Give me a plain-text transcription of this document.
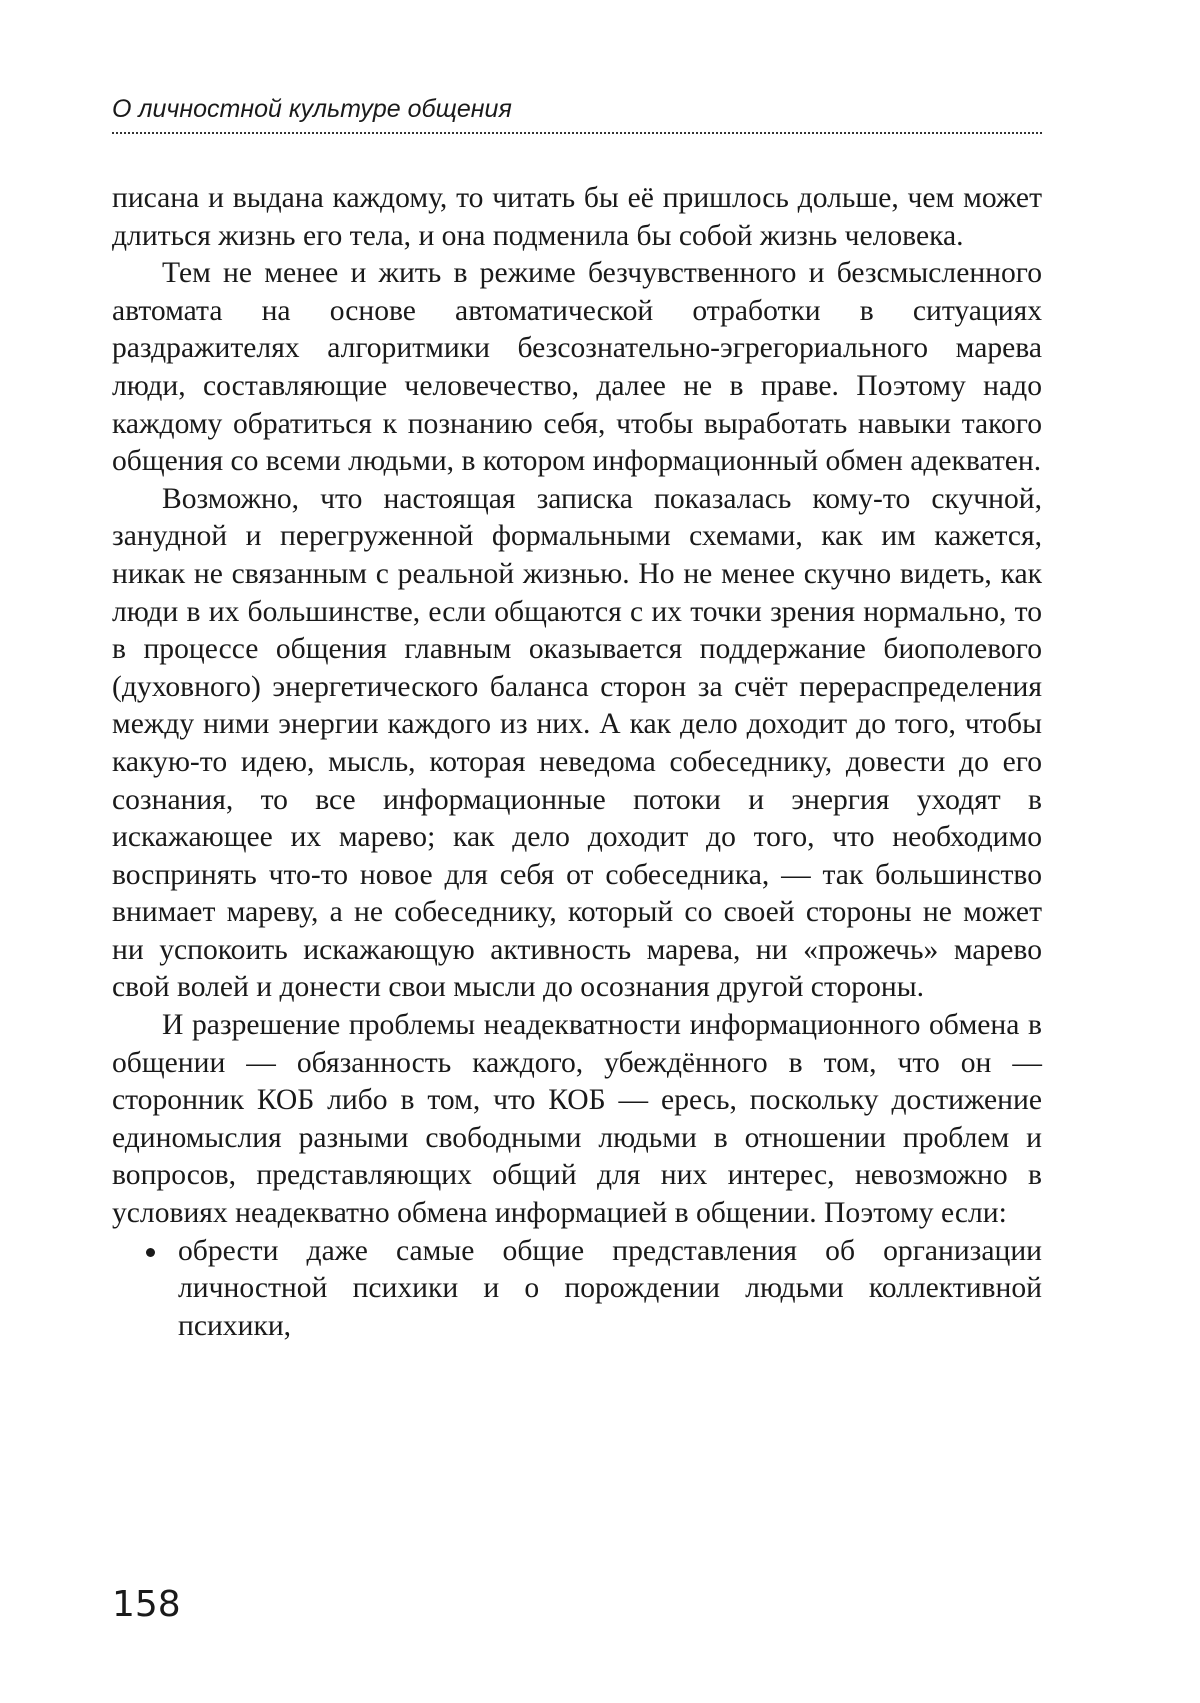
О личностной культуре общения

писана и выдана каждому, то читать бы её пришлось дольше, чем может длиться жизнь его тела, и она подменила бы собой жизнь человека.

Тем не менее и жить в режиме безчувственного и безсмысленного автомата на основе автоматической отработки в ситуациях раздражителях алгоритмики безсознательно-эгрегориального марева люди, составляющие человечество, далее не в праве. Поэтому надо каждому обратиться к познанию себя, чтобы выработать навыки такого общения со всеми людьми, в котором информационный обмен адекватен.

Возможно, что настоящая записка показалась кому-то скучной, занудной и перегруженной формальными схемами, как им кажется, никак не связанным с реальной жизнью. Но не менее скучно видеть, как люди в их большинстве, если общаются с их точки зрения нормально, то в процессе общения главным оказывается поддержание биополевого (духовного) энергетического баланса сторон за счёт перераспределения между ними энергии каждого из них. А как дело доходит до того, чтобы какую-то идею, мысль, которая неведома собеседнику, довести до его сознания, то все информационные потоки и энергия уходят в искажающее их марево; как дело доходит до того, что необходимо воспринять что-то новое для себя от собеседника, — так большинство внимает мареву, а не собеседнику, который со своей стороны не может ни успокоить искажающую активность марева, ни «прожечь» марево свой волей и донести свои мысли до осознания другой стороны.

И разрешение проблемы неадекватности информационного обмена в общении — обязанность каждого, убеждённого в том, что он — сторонник КОБ либо в том, что КОБ — ересь, поскольку достижение единомыслия разными свободными людьми в отношении проблем и вопросов, представляющих общий для них интерес, невозможно в условиях неадекватно обмена информацией в общении. Поэтому если:

обрести даже самые общие представления об организации личностной психики и о порождении людьми коллективной психики,
158
